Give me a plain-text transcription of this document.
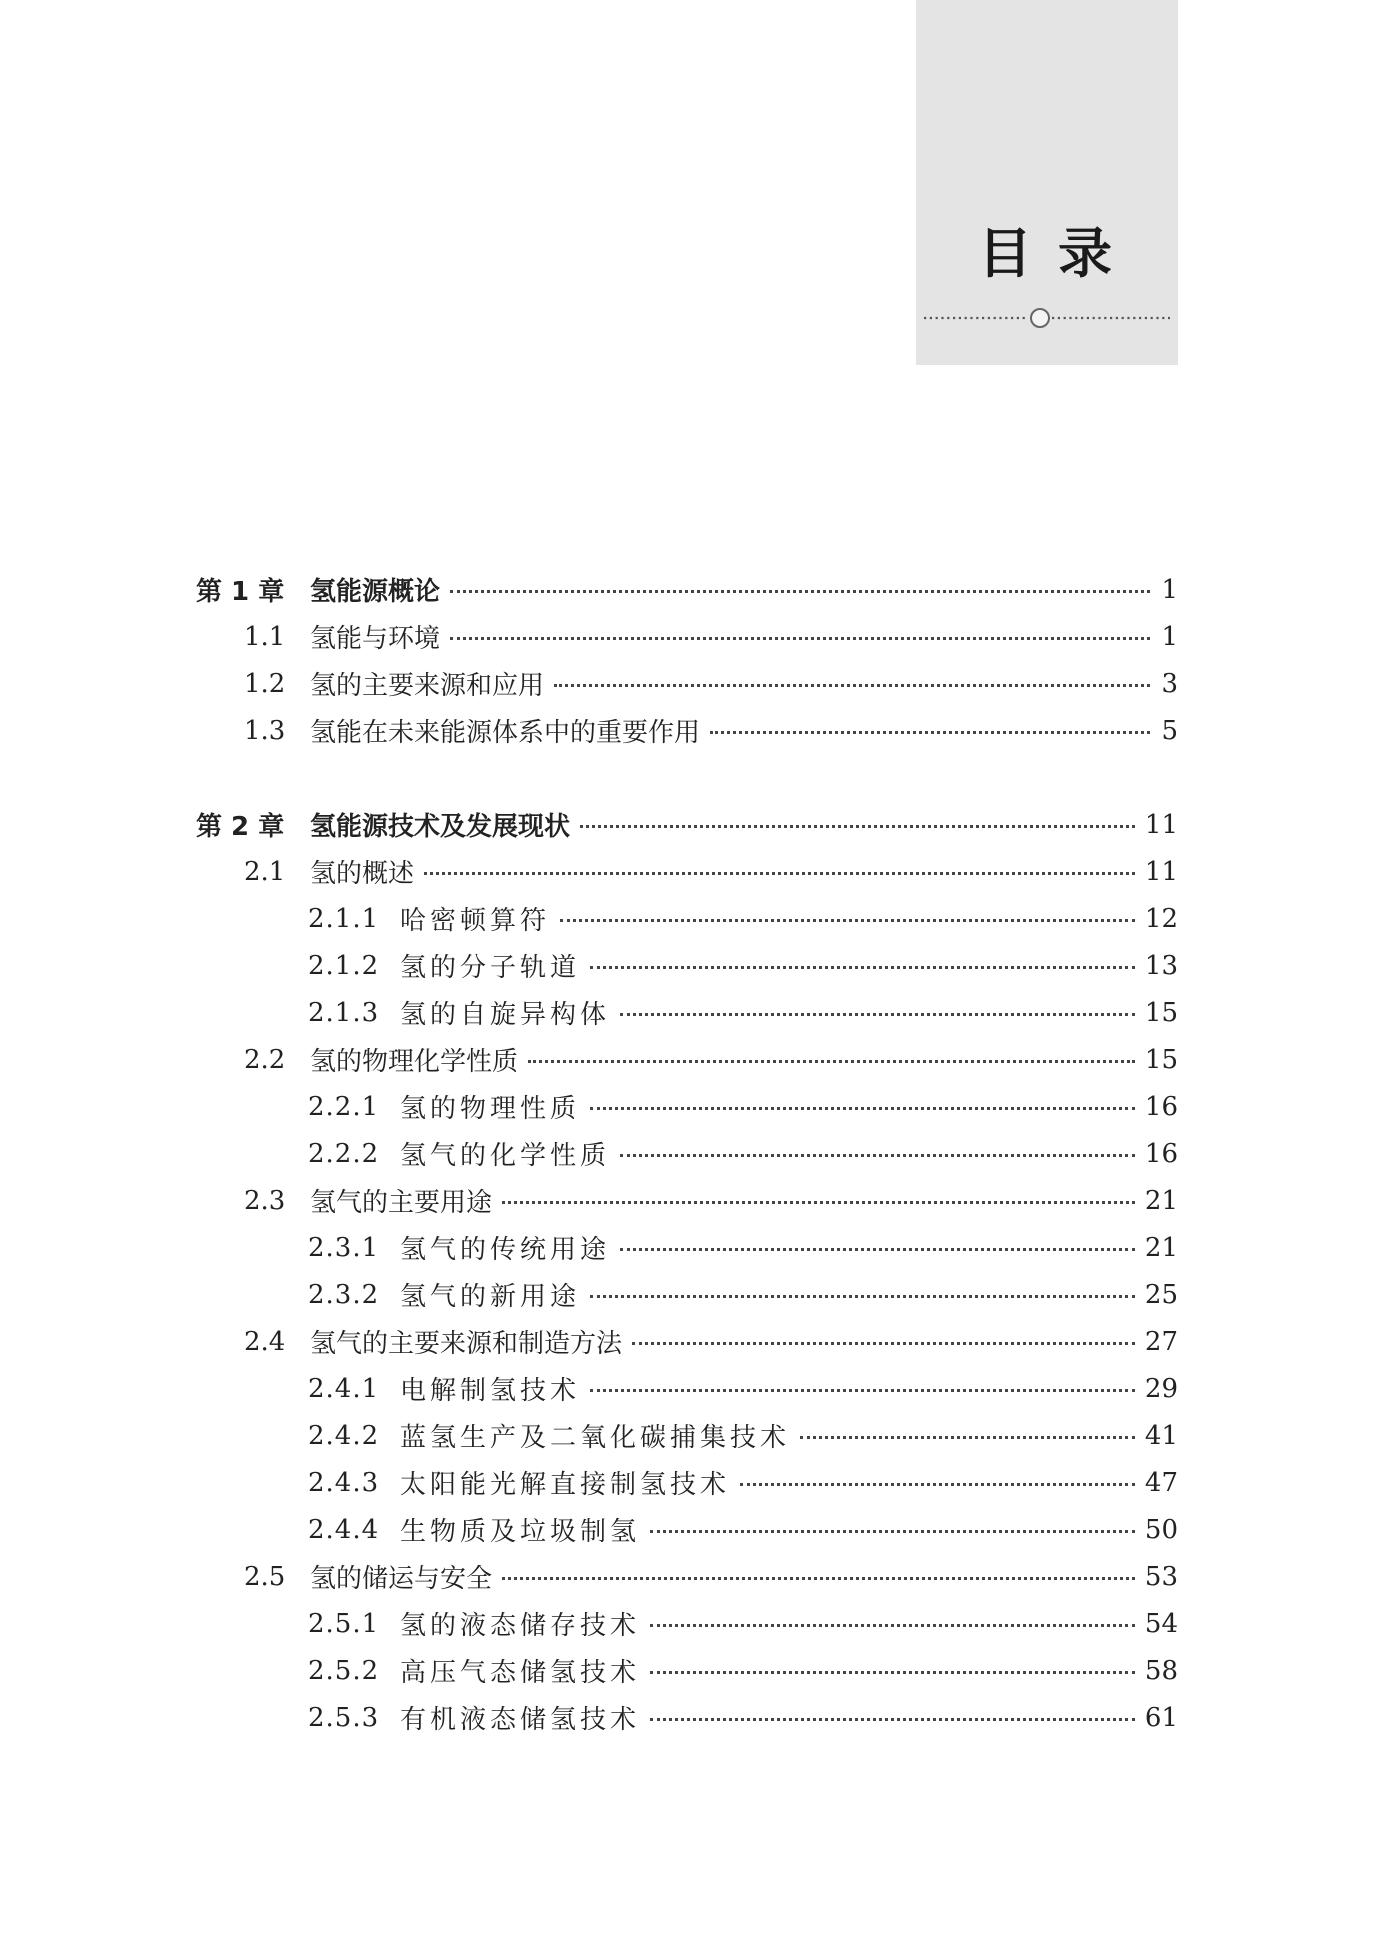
目录
第 1 章 氢能源概论	1
1.1 氢能与环境	1
1.2 氢的主要来源和应用	3
1.3 氢能在未来能源体系中的重要作用	5
第 2 章 氢能源技术及发展现状	11
2.1 氢的概述	11
2.1.1 哈密顿算符	12
2.1.2 氢的分子轨道	13
2.1.3 氢的自旋异构体	15
2.2 氢的物理化学性质	15
2.2.1 氢的物理性质	16
2.2.2 氢气的化学性质	16
2.3 氢气的主要用途	21
2.3.1 氢气的传统用途	21
2.3.2 氢气的新用途	25
2.4 氢气的主要来源和制造方法	27
2.4.1 电解制氢技术	29
2.4.2 蓝氢生产及二氧化碳捕集技术	41
2.4.3 太阳能光解直接制氢技术	47
2.4.4 生物质及垃圾制氢	50
2.5 氢的储运与安全	53
2.5.1 氢的液态储存技术	54
2.5.2 高压气态储氢技术	58
2.5.3 有机液态储氢技术	61
